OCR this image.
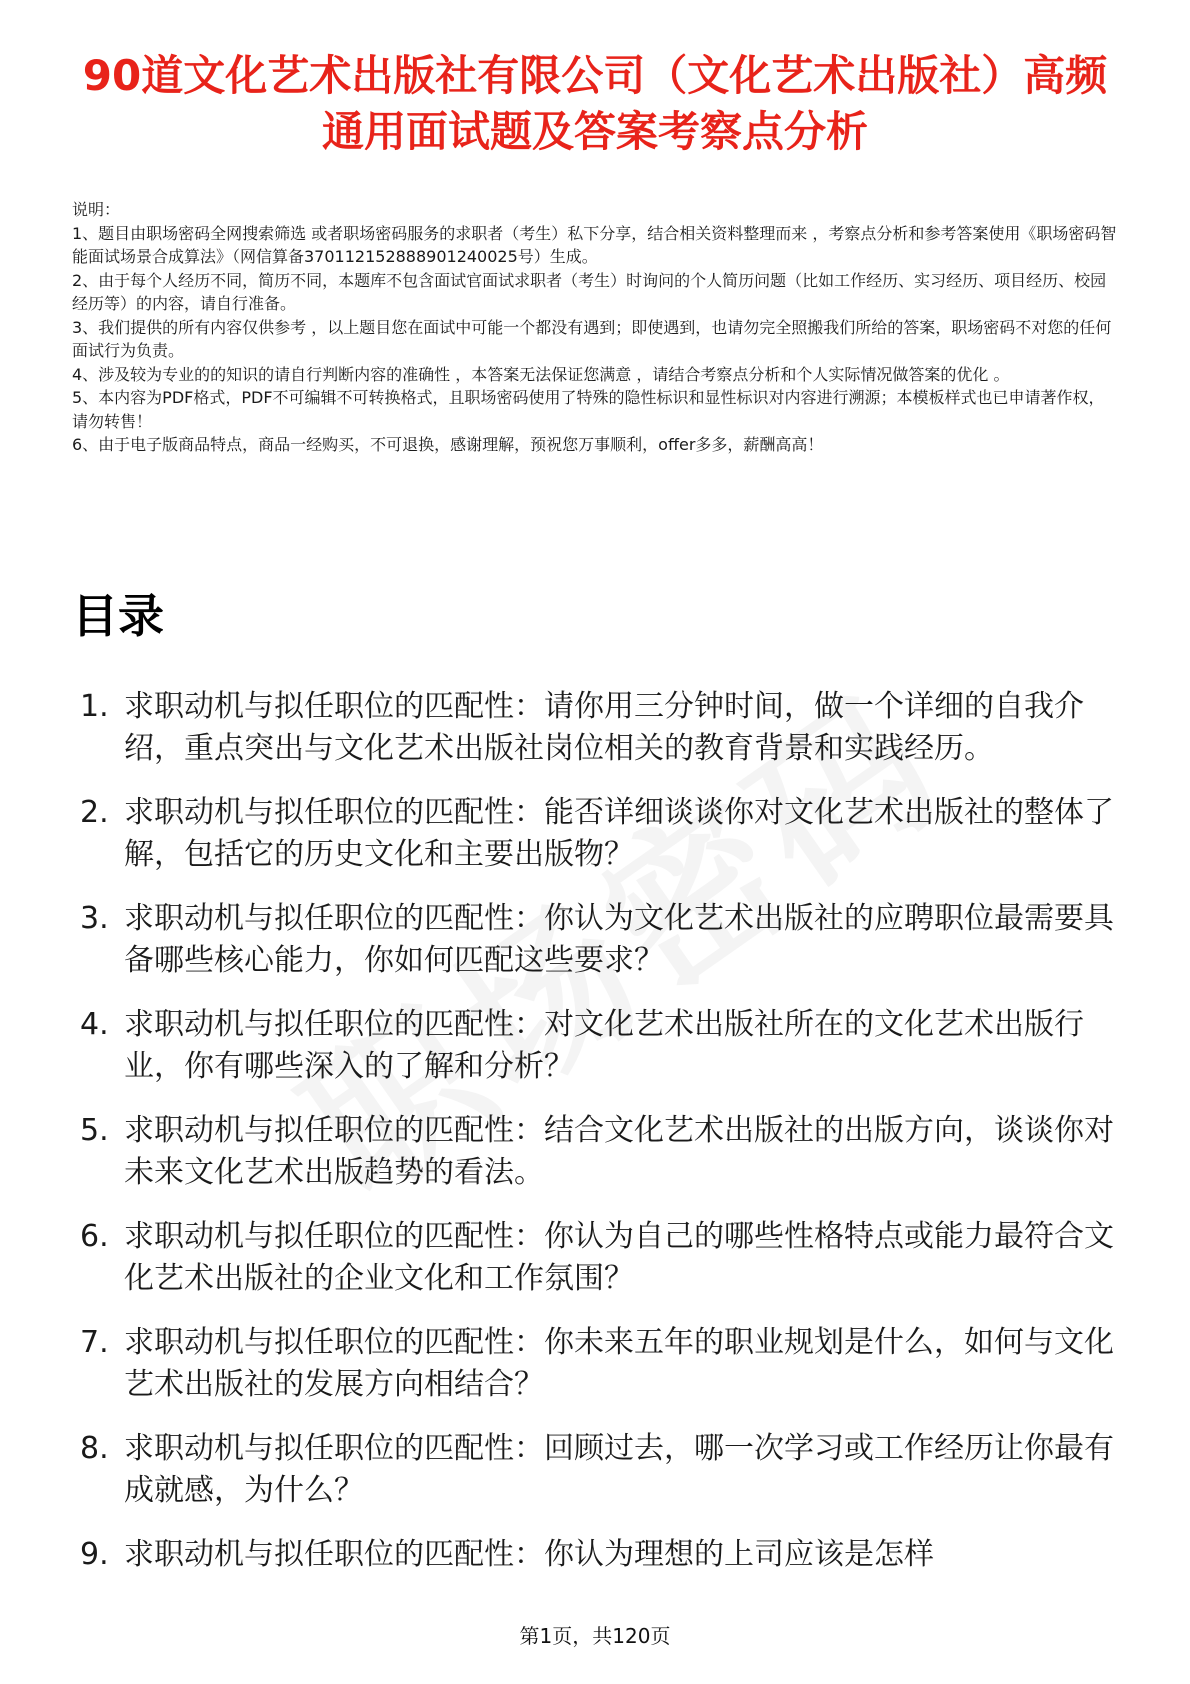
90道文化艺术出版社有限公司（文化艺术出版社）高频通用面试题及答案考察点分析

说明：

1、题目由职场密码全网搜索筛选 或者职场密码服务的求职者（考生）私下分享，结合相关资料整理而来 ，考察点分析和参考答案使用《职场密码智能面试场景合成算法》（网信算备370112152888901240025号）生成。

2、由于每个人经历不同，简历不同，本题库不包含面试官面试求职者（考生）时询问的个人简历问题（比如工作经历、实习经历、项目经历、校园经历等）的内容，请自行准备。

3、我们提供的所有内容仅供参考 ，以上题目您在面试中可能一个都没有遇到；即使遇到，也请勿完全照搬我们所给的答案，职场密码不对您的任何面试行为负责。

4、涉及较为专业的的知识的请自行判断内容的准确性 ，本答案无法保证您满意 ，请结合考察点分析和个人实际情况做答案的优化 。

5、本内容为PDF格式，PDF不可编辑不可转换格式，且职场密码使用了特殊的隐性标识和显性标识对内容进行溯源；本模板样式也已申请著作权，请勿转售！

6、由于电子版商品特点，商品一经购买，不可退换，感谢理解，预祝您万事顺利，offer多多，薪酬高高！

目录
1. 求职动机与拟任职位的匹配性：请你用三分钟时间，做一个详细的自我介绍，重点突出与文化艺术出版社岗位相关的教育背景和实践经历。
2. 求职动机与拟任职位的匹配性：能否详细谈谈你对文化艺术出版社的整体了解，包括它的历史文化和主要出版物？
3. 求职动机与拟任职位的匹配性：你认为文化艺术出版社的应聘职位最需要具备哪些核心能力，你如何匹配这些要求？
4. 求职动机与拟任职位的匹配性：对文化艺术出版社所在的文化艺术出版行业，你有哪些深入的了解和分析？
5. 求职动机与拟任职位的匹配性：结合文化艺术出版社的出版方向，谈谈你对未来文化艺术出版趋势的看法。
6. 求职动机与拟任职位的匹配性：你认为自己的哪些性格特点或能力最符合文化艺术出版社的企业文化和工作氛围？
7. 求职动机与拟任职位的匹配性：你未来五年的职业规划是什么，如何与文化艺术出版社的发展方向相结合？
8. 求职动机与拟任职位的匹配性：回顾过去，哪一次学习或工作经历让你最有成就感，为什么？
9. 求职动机与拟任职位的匹配性：你认为理想的上司应该是怎样
第1页，共120页
